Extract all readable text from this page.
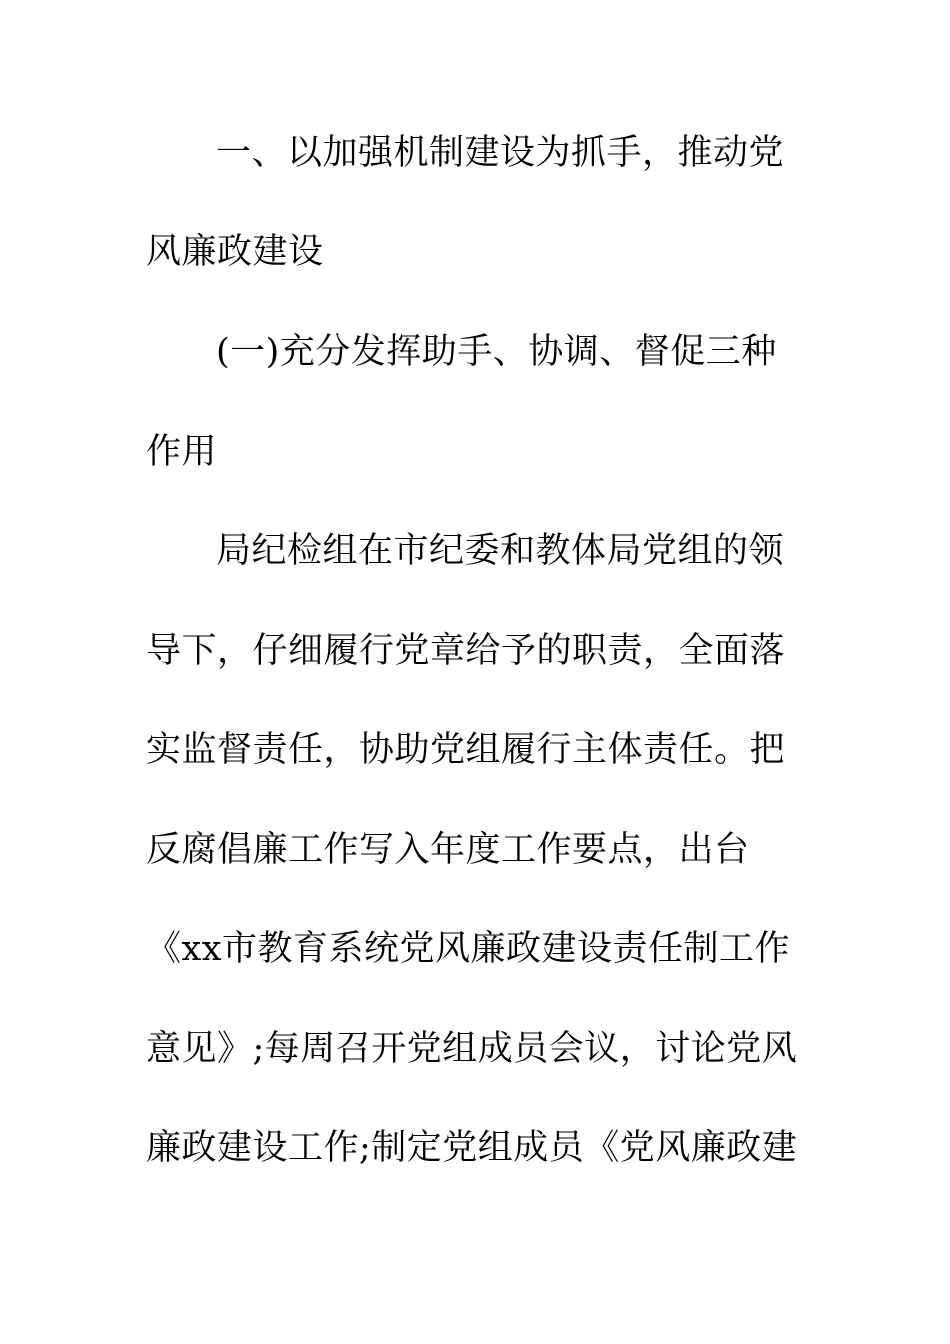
一、以加强机制建设为抓手，推动党
风廉政建设
(一)充分发挥助手、协调、督促三种
作用
局纪检组在市纪委和教体局党组的领
导下，仔细履行党章给予的职责，全面落
实监督责任，协助党组履行主体责任。把
反腐倡廉工作写入年度工作要点，出台
《xx市教育系统党风廉政建设责任制工作
意见》;每周召开党组成员会议，讨论党风
廉政建设工作;制定党组成员《党风廉政建
